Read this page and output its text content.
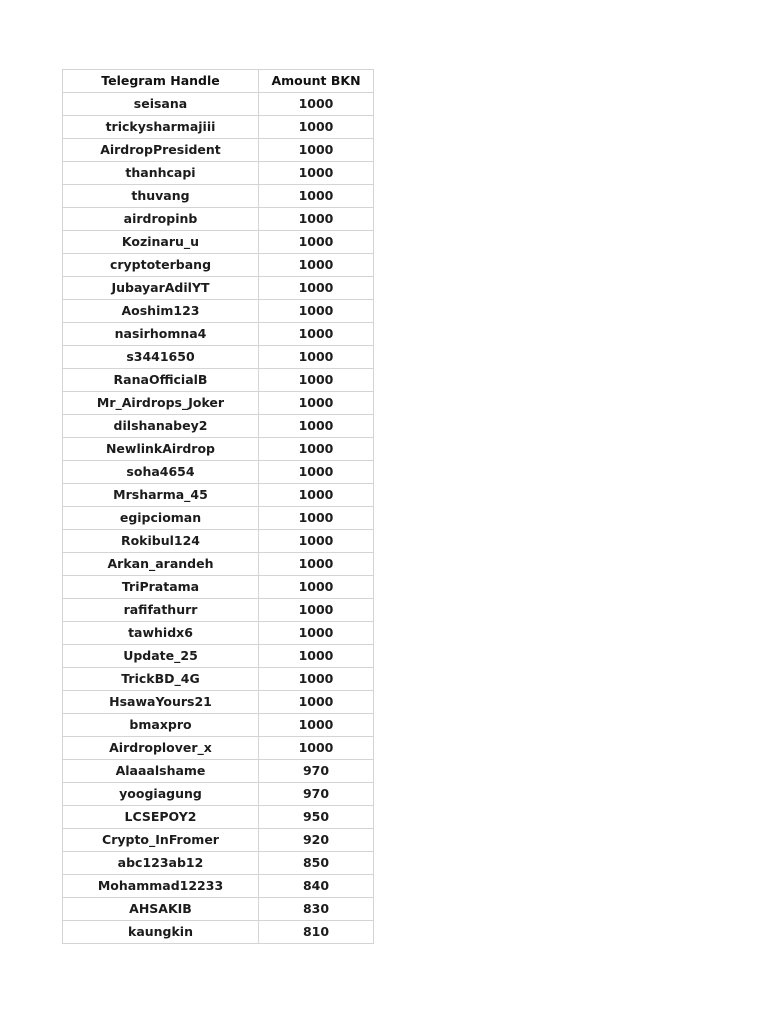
Telegram Handle	Amount BKN
seisana	1000
trickysharmajiii	1000
AirdropPresident	1000
thanhcapi	1000
thuvang	1000
airdropinb	1000
Kozinaru_u	1000
cryptoterbang	1000
JubayarAdilYT	1000
Aoshim123	1000
nasirhomna4	1000
s3441650	1000
RanaOfficialB	1000
Mr_Airdrops_Joker	1000
dilshanabey2	1000
NewlinkAirdrop	1000
soha4654	1000
Mrsharma_45	1000
egipcioman	1000
Rokibul124	1000
Arkan_arandeh	1000
TriPratama	1000
rafifathurr	1000
tawhidx6	1000
Update_25	1000
TrickBD_4G	1000
HsawaYours21	1000
bmaxpro	1000
Airdroplover_x	1000
Alaaalshame	970
yoogiagung	970
LCSEPOY2	950
Crypto_InFromer	920
abc123ab12	850
Mohammad12233	840
AHSAKIB	830
kaungkin	810
